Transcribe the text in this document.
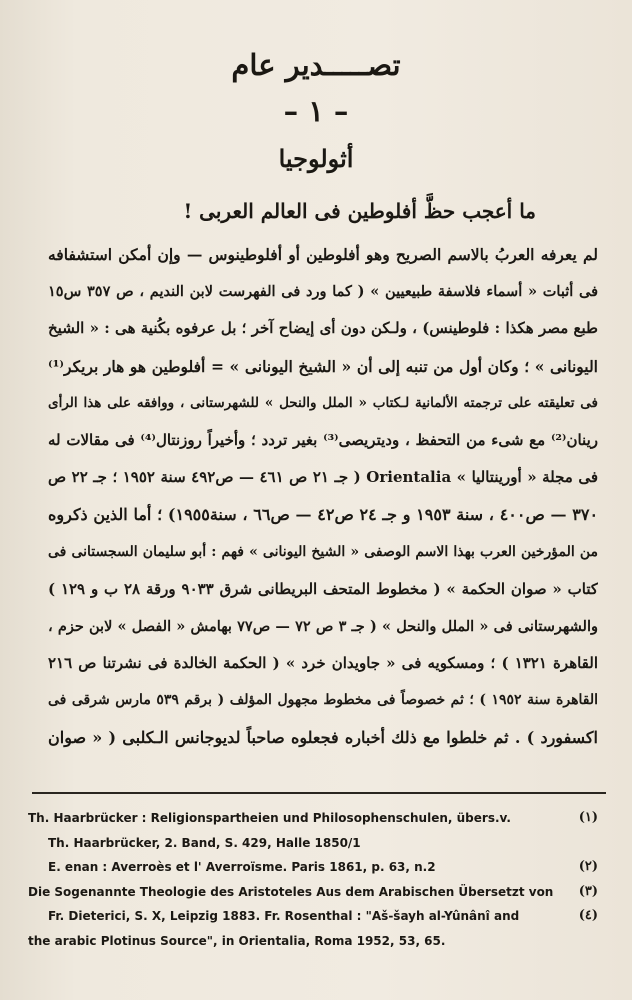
تصـــــدير عام
– ١ –
أثولوجيا
ما أعجب حظَّ أفلوطين فى العالم العربى !
لم يعرفه العربُ بالاسم الصريح وهو أفلوطين أو أفلوطينوس — وإن أمكن استشفافه
فى أثبات « أسماء فلاسفة طبيعيين » ( كما ورد فى الفهرست لابن النديم ، ص ٣٥٧ س١٥
طبع مصر هكذا : فلوطينس) ، ولـكن دون أى إيضاح آخر ؛ بل عرفوه بكُنية هى : « الشيخ
اليونانى » ؛ وكان أول من تنبه إلى أن « الشيخ اليونانى » = أفلوطين هو هار بريكر⁽¹⁾
فى تعليقته على ترجمته الألمانية لـكتاب « الملل والنحل » للشهرستانى ، ووافقه على هذا الرأى
رينان⁽²⁾ مع شىء من التحفظ ، وديتريصى⁽³⁾ بغير تردد ؛ وأخيراً روزنتال⁽⁴⁾ فى مقالات له
فى مجلة « أورينتاليا » Orientalia ( جـ ٢١ ص ٤٦١ — ص٤٩٢ سنة ١٩٥٢ ؛ جـ ٢٢ ص
٣٧٠ — ص٤٠٠ ، سنة ١٩٥٣ و جـ ٢٤ ص٤٢ — ص٦٦ ، سنة١٩٥٥) ؛ أما الذين ذكروه
من المؤرخين العرب بهذا الاسم الوصفى « الشيخ اليونانى » فهم : أبو سليمان السجستانى فى
كتاب « صوان الحكمة » ( مخطوط المتحف البريطانى شرق ٩٠٣٣ ورقة ٢٨ ب و ١٢٩ )
والشهرستانى فى « الملل والنحل » ( جـ ٣ ص ٧٢ — ص٧٧ بهامش « الفصل » لابن حزم ،
القاهرة ١٣٢١ ) ؛ ومسكويه فى « جاويدان خرد » ( الحكمة الخالدة فى نشرتنا ص ٢١٦
القاهرة سنة ١٩٥٢ ) ؛ ثم خصوصاً فى مخطوط مجهول المؤلف ( برقم ٥٣٩ مارس شرقى فى
اكسفورد ) . ثم خلطوا مع ذلك أخباره فجعلوه صاحباً لديوجانس الـكلبى ( « صوان
Th. Haarbrücker : Religionspartheien und Philosophenschulen, übers.v.	(١)
Th. Haarbrücker, 2. Band, S. 429, Halle 1850/1
E. enan : Averroès et l' Averroïsme. Paris 1861, p. 63, n.2	(٢)
Die Sogenannte Theologie des Aristoteles Aus dem Arabischen Übersetzt von (٣)
Fr. Dieterici, S. X, Leipzig 1883. Fr. Rosenthal : "Aš-šayh al-Yûnânî and	(٤)
the arabic Plotinus Source", in Orientalia, Roma 1952, 53, 65.
